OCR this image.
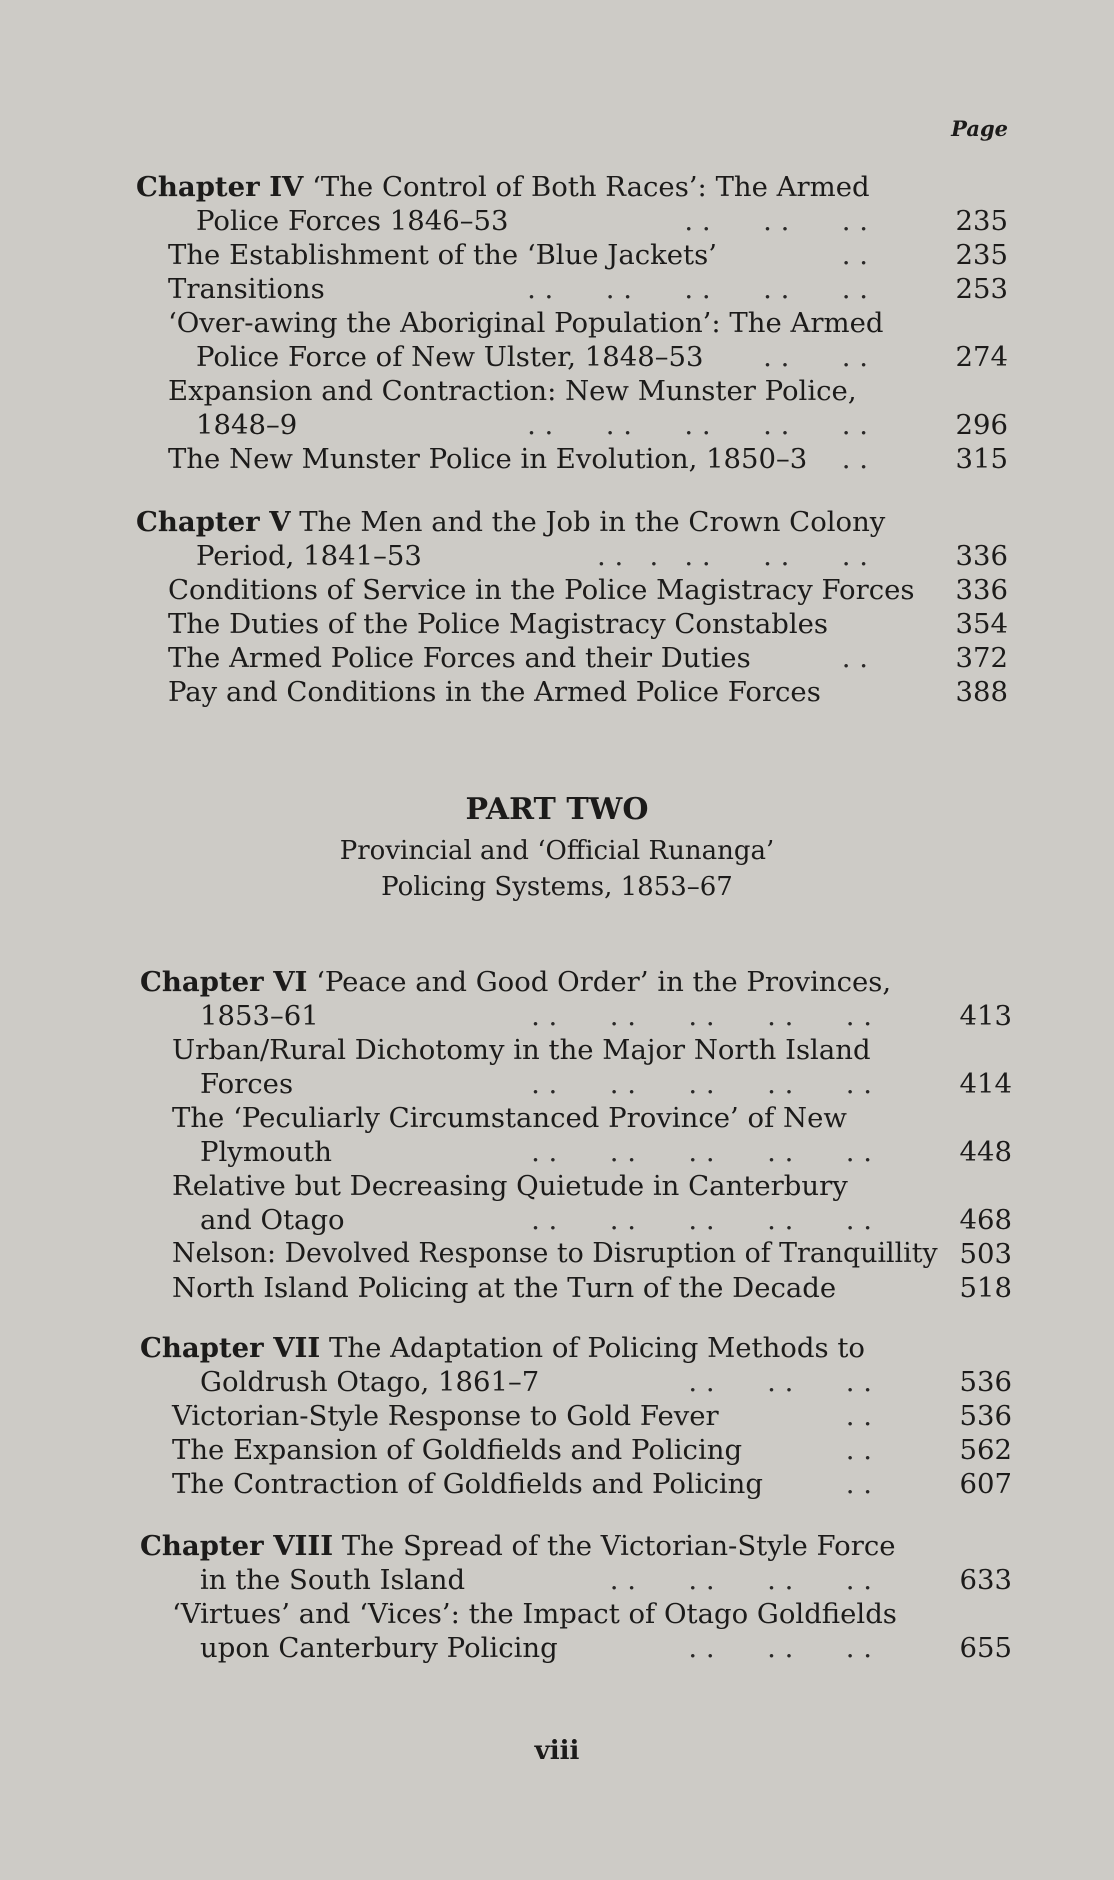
Page
Chapter IV ‘The Control of Both Races’: The Armed
Police Forces 1846–53	. .      . .      . .	235
The Establishment of the ‘Blue Jackets’	. .	235
Transitions	. .      . .      . .      . .      . .	253
‘Over-awing the Aboriginal Population’: The Armed
Police Force of New Ulster, 1848–53 . .      . .	274
Expansion and Contraction: New Munster Police,
1848–9	. .      . .      . .      . .      . .	296
The New Munster Police in Evolution, 1850–3 . .	315
Chapter V The Men and the Job in the Crown Colony
Period, 1841–53	. .   .   . .      . .      . .	336
Conditions of Service in the Police Magistracy Forces 336
The Duties of the Police Magistracy Constables	354
The Armed Police Forces and their Duties	. .	372
Pay and Conditions in the Armed Police Forces	388

PART TWO

Provincial and ‘Official Runanga’

Policing Systems, 1853–67

Chapter VI ‘Peace and Good Order’ in the Provinces,
1853–61	. .      . .      . .      . .      . .	413
Urban/Rural Dichotomy in the Major North Island
Forces	. .      . .      . .      . .      . .	414
The ‘Peculiarly Circumstanced Province’ of New
Plymouth	. .      . .      . .      . .      . .	448
Relative but Decreasing Quietude in Canterbury
and Otago	. .      . .      . .      . .      . .	468
Nelson: Devolved Response to Disruption of Tranquillity 503
North Island Policing at the Turn of the Decade	518
Chapter VII The Adaptation of Policing Methods to
Goldrush Otago, 1861–7	. .      . .      . .	536
Victorian-Style Response to Gold Fever	. .	536
The Expansion of Goldfields and Policing	. .	562
The Contraction of Goldfields and Policing	. .	607
Chapter VIII The Spread of the Victorian-Style Force
in the South Island	. .      . .      . .      . .	633
‘Virtues’ and ‘Vices’: the Impact of Otago Goldfields
upon Canterbury Policing	. .      . .      . .	655
viii
